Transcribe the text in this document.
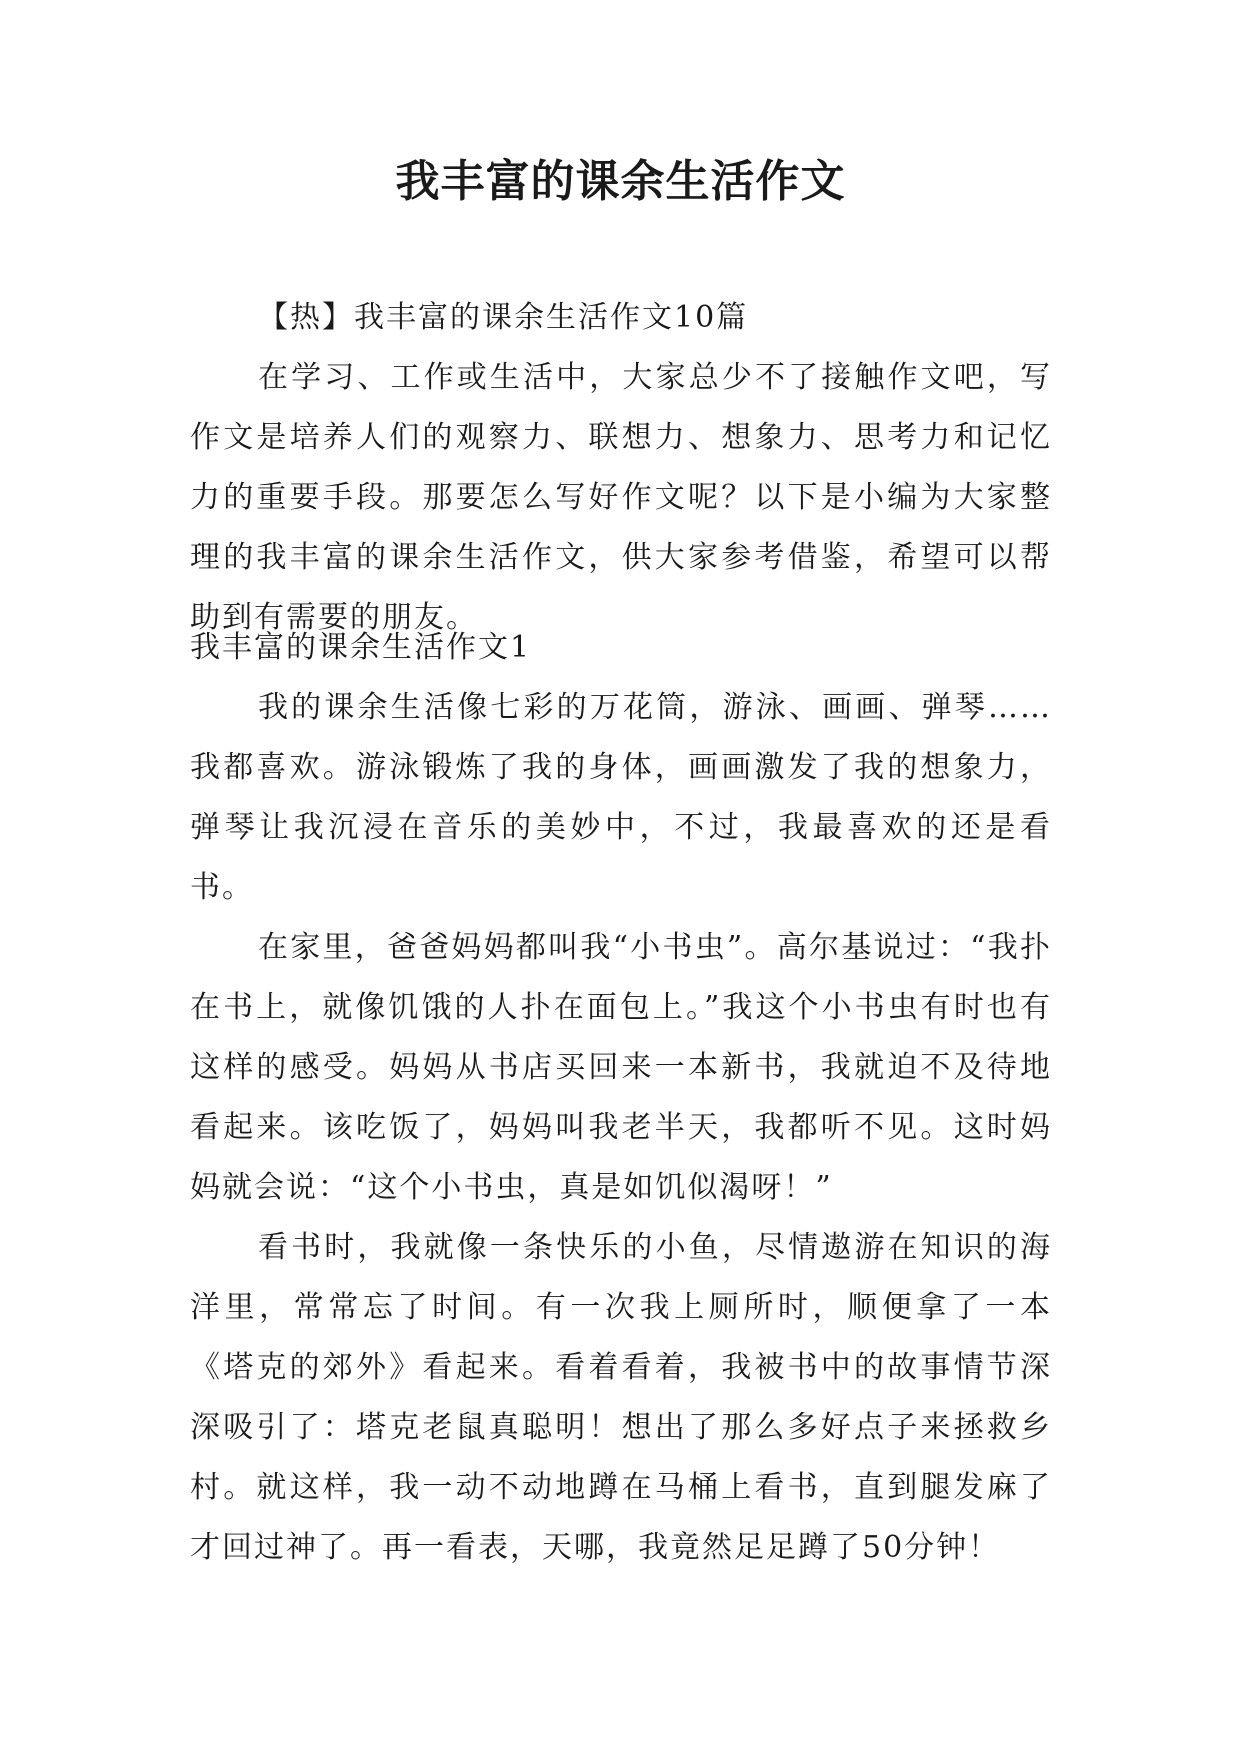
我丰富的课余生活作文

【热】我丰富的课余生活作文10篇

在学习、工作或生活中，大家总少不了接触作文吧，写作文是培养人们的观察力、联想力、想象力、思考力和记忆力的重要手段。那要怎么写好作文呢？以下是小编为大家整理的我丰富的课余生活作文，供大家参考借鉴，希望可以帮助到有需要的朋友。

我丰富的课余生活作文1

我的课余生活像七彩的万花筒，游泳、画画、弹琴……我都喜欢。游泳锻炼了我的身体，画画激发了我的想象力，弹琴让我沉浸在音乐的美妙中，不过，我最喜欢的还是看书。

在家里，爸爸妈妈都叫我“小书虫”。高尔基说过：“我扑在书上，就像饥饿的人扑在面包上。”我这个小书虫有时也有这样的感受。妈妈从书店买回来一本新书，我就迫不及待地看起来。该吃饭了，妈妈叫我老半天，我都听不见。这时妈妈就会说：“这个小书虫，真是如饥似渴呀！”

看书时，我就像一条快乐的小鱼，尽情遨游在知识的海洋里，常常忘了时间。有一次我上厕所时，顺便拿了一本《塔克的郊外》看起来。看着看着，我被书中的故事情节深深吸引了：塔克老鼠真聪明！想出了那么多好点子来拯救乡村。就这样，我一动不动地蹲在马桶上看书，直到腿发麻了才回过神了。再一看表，天哪，我竟然足足蹲了50分钟！
